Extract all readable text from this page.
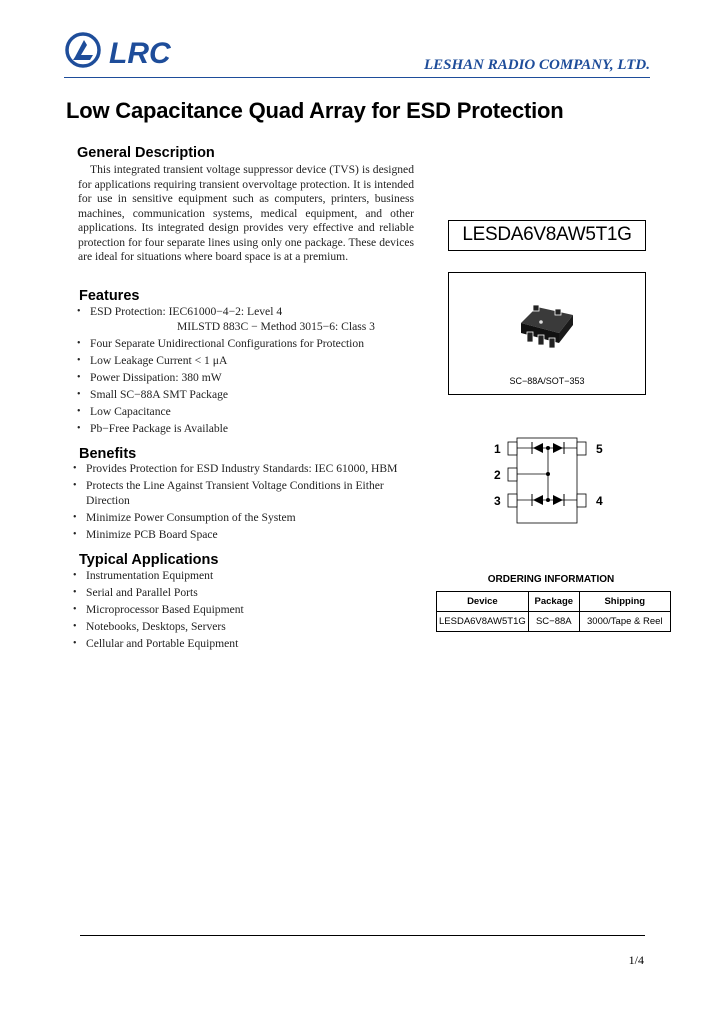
LRC	LESHAN RADIO COMPANY, LTD.
Low Capacitance Quad Array for ESD Protection
General Description

This integrated transient voltage suppressor device (TVS) is designed for applications requiring transient overvoltage protection. It is intended for use in sensitive equipment such as computers, printers, business machines, communication systems, medical equipment, and other applications. Its integrated design provides very effective and reliable protection for four separate lines using only one package. These devices are ideal for situations where board space is at a premium.

Features
• ESD Protection: IEC61000−4−2: Level 4
MILSTD 883C − Method 3015−6: Class 3
• Four Separate Unidirectional Configurations for Protection
• Low Leakage Current < 1 μA
• Power Dissipation: 380 mW
• Small SC−88A SMT Package
• Low Capacitance
• Pb−Free Package is Available
Benefits
• Provides Protection for ESD Industry Standards: IEC 61000, HBM
• Protects the Line Against Transient Voltage Conditions in Either Direction
• Minimize Power Consumption of the System
• Minimize PCB Board Space
Typical Applications
• Instrumentation Equipment
• Serial and Parallel Ports
• Microprocessor Based Equipment
• Notebooks, Desktops, Servers
• Cellular and Portable Equipment
LESDA6V8AW5T1G
SC−88A/SOT−353
1
2
3	4
5
ORDERING INFORMATION
Device	Package	Shipping
LESDA6V8AW5T1G	SC−88A	3000/Tape & Reel
1/4
